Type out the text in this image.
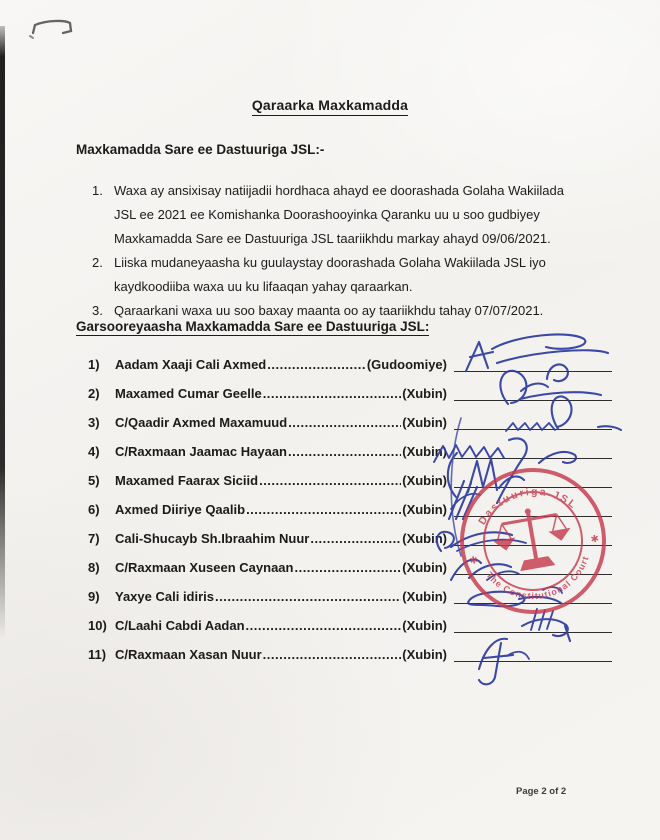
Qaraarka Maxkamadda
Maxkamadda Sare ee Dastuuriga JSL:-
1. Waxa ay ansixisay natiijadii hordhaca ahayd ee doorashada Golaha Wakiilada JSL ee 2021 ee Komishanka Doorashooyinka Qaranku uu u soo gudbiyey Maxkamadda Sare ee Dastuuriga JSL taariikhdu markay ahayd 09/06/2021.
2. Liiska mudaneyaasha ku guulaystay doorashada Golaha Wakiilada JSL iyo kaydkoodiiba waxa uu ku lifaaqan yahay qaraarkan.
3. Qaraarkani waxa uu soo baxay maanta oo ay taariikhdu tahay 07/07/2021.
Garsooreyaasha Maxkamadda Sare ee Dastuuriga JSL:
1)	Aadam Xaaji Cali Axmed .....	(Gudoomiye)
2)	Maxamed Cumar Geelle .....	(Xubin)
3)	C/Qaadir Axmed Maxamuud .....	(Xubin)
4)	C/Raxmaan Jaamac Hayaan .....	(Xubin)
5)	Maxamed Faarax Siciid .....	(Xubin)
6)	Axmed Diiriye Qaalib .....	(Xubin)
7)	Cali-Shucayb Sh.Ibraahim Nuur .....	(Xubin)
8)	C/Raxmaan Xuseen Caynaan .....	(Xubin)
9)	Yaxye Cali idiris .....	(Xubin)
10) C/Laahi Cabdi Aadan .....	(Xubin)
11) C/Raxmaan Xasan Nuur .....	(Xubin)
Dastuuriga JSL
The Constitutional Court
✱
✱
Page 2 of 2
